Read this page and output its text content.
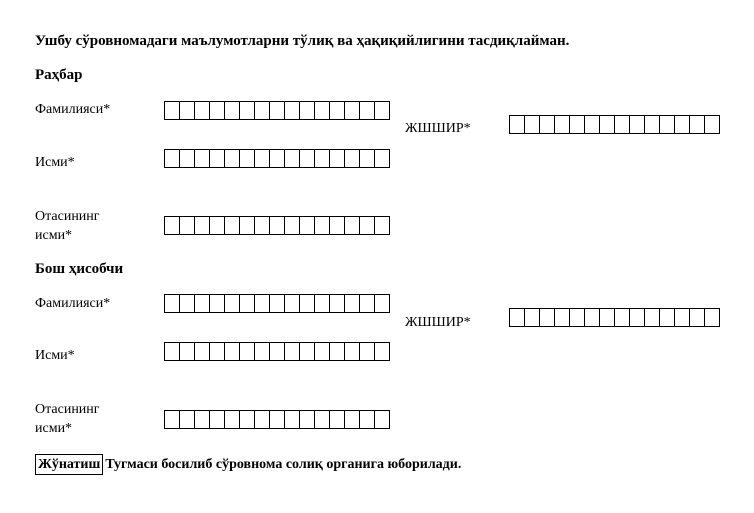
Ушбу сўровномадаги маълумотларни тўлиқ ва ҳақиқийлигини тасдиқлайман.
Раҳбар
Фамилияси*
ЖШШИР*
Исми*
Отасининг
исми*
Бош ҳисобчи
Фамилияси*
ЖШШИР*
Исми*
Отасининг
исми*
Жўнатиш Тугмаси босилиб сўровнома солиқ органига юборилади.
